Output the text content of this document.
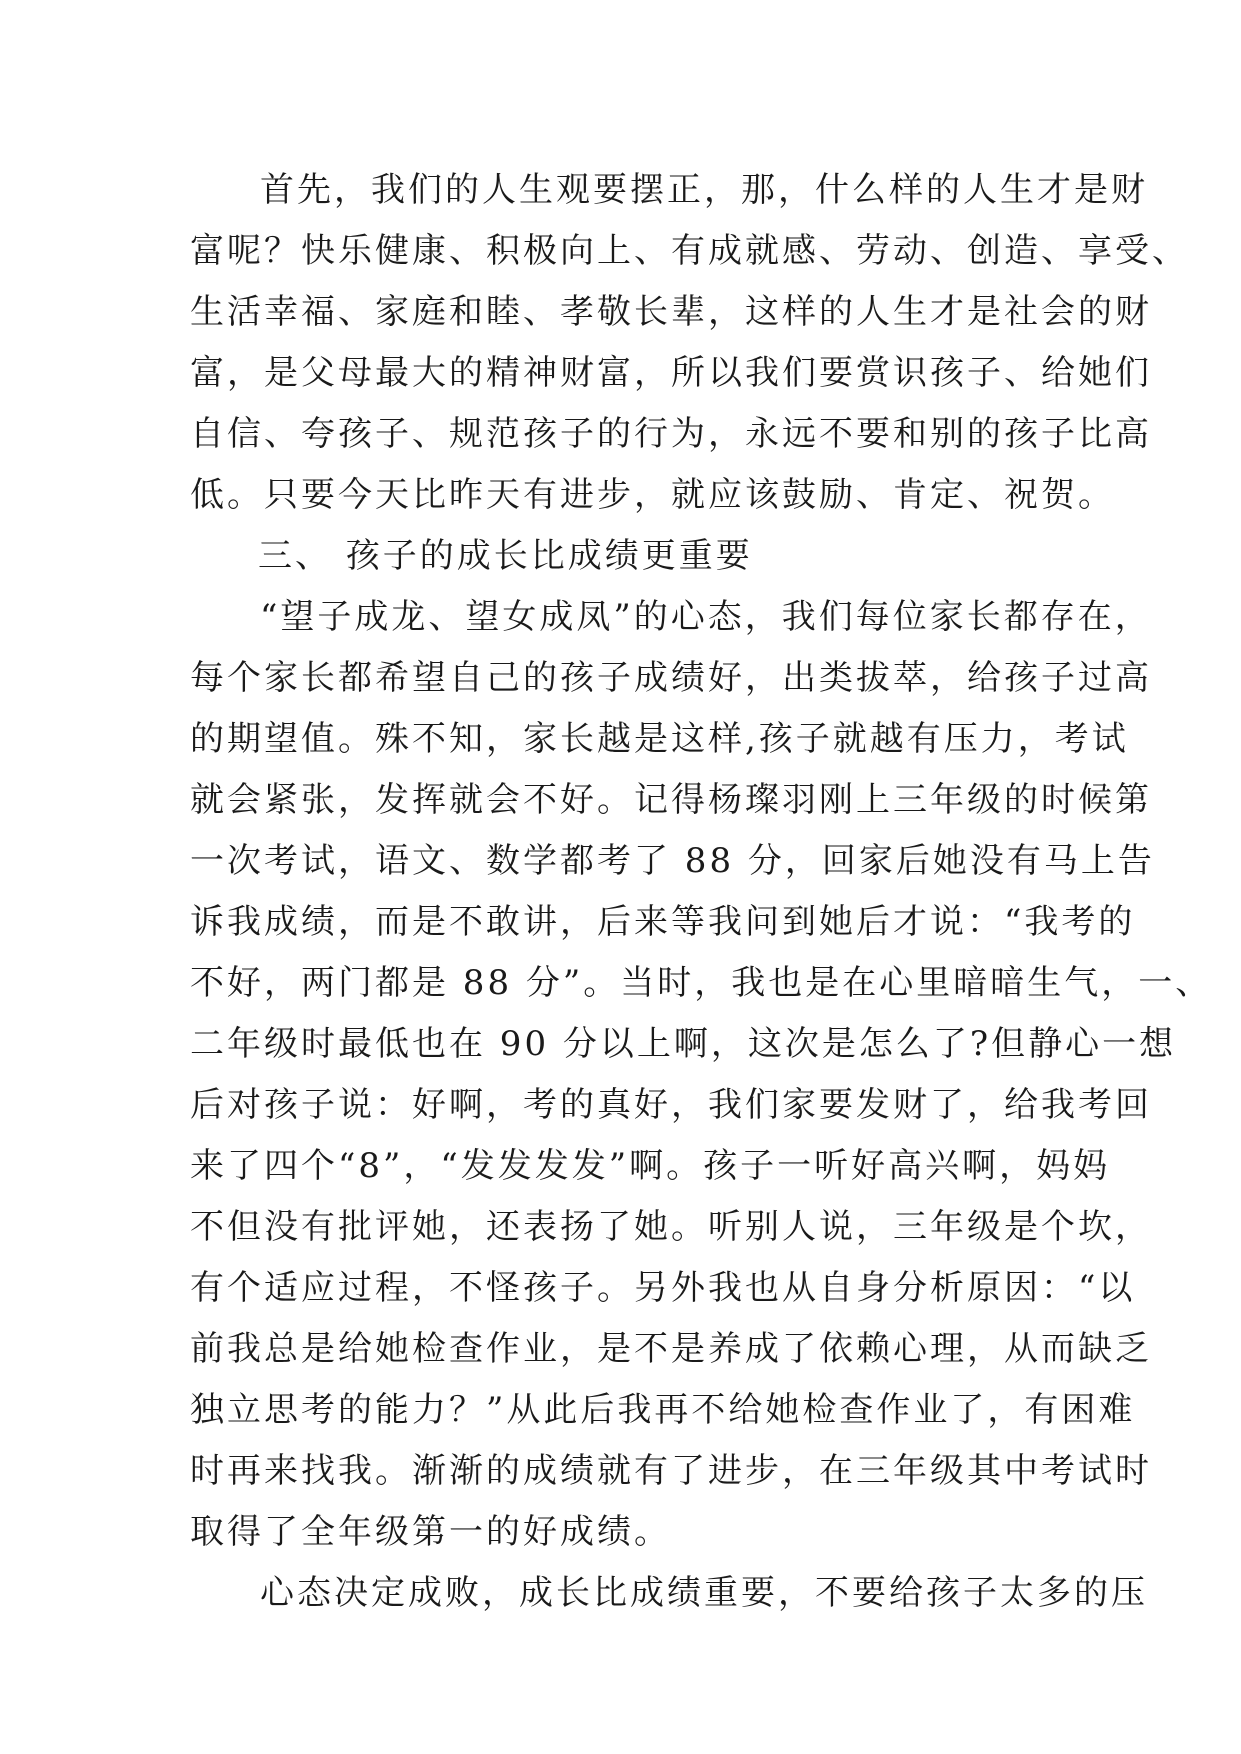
首先，我们的人生观要摆正，那，什么样的人生才是财
富呢？快乐健康、积极向上、有成就感、劳动、创造、享受、
生活幸福、家庭和睦、孝敬长辈，这样的人生才是社会的财
富，是父母最大的精神财富，所以我们要赏识孩子、给她们
自信、夸孩子、规范孩子的行为，永远不要和别的孩子比高
低。只要今天比昨天有进步，就应该鼓励、肯定、祝贺。
三、 孩子的成长比成绩更重要
“望子成龙、望女成凤”的心态，我们每位家长都存在，
每个家长都希望自己的孩子成绩好，出类拔萃，给孩子过高
的期望值。殊不知，家长越是这样,孩子就越有压力，考试
就会紧张，发挥就会不好。记得杨璨羽刚上三年级的时候第
一次考试，语文、数学都考了 88 分，回家后她没有马上告
诉我成绩，而是不敢讲，后来等我问到她后才说：“我考的
不好，两门都是 88 分”。当时，我也是在心里暗暗生气，一、
二年级时最低也在 90 分以上啊，这次是怎么了?但静心一想
后对孩子说：好啊，考的真好，我们家要发财了，给我考回
来了四个“8”，“发发发发”啊。孩子一听好高兴啊，妈妈
不但没有批评她，还表扬了她。听别人说，三年级是个坎，
有个适应过程，不怪孩子。另外我也从自身分析原因：“以
前我总是给她检查作业，是不是养成了依赖心理，从而缺乏
独立思考的能力？”从此后我再不给她检查作业了，有困难
时再来找我。渐渐的成绩就有了进步，在三年级其中考试时
取得了全年级第一的好成绩。
心态决定成败，成长比成绩重要，不要给孩子太多的压
